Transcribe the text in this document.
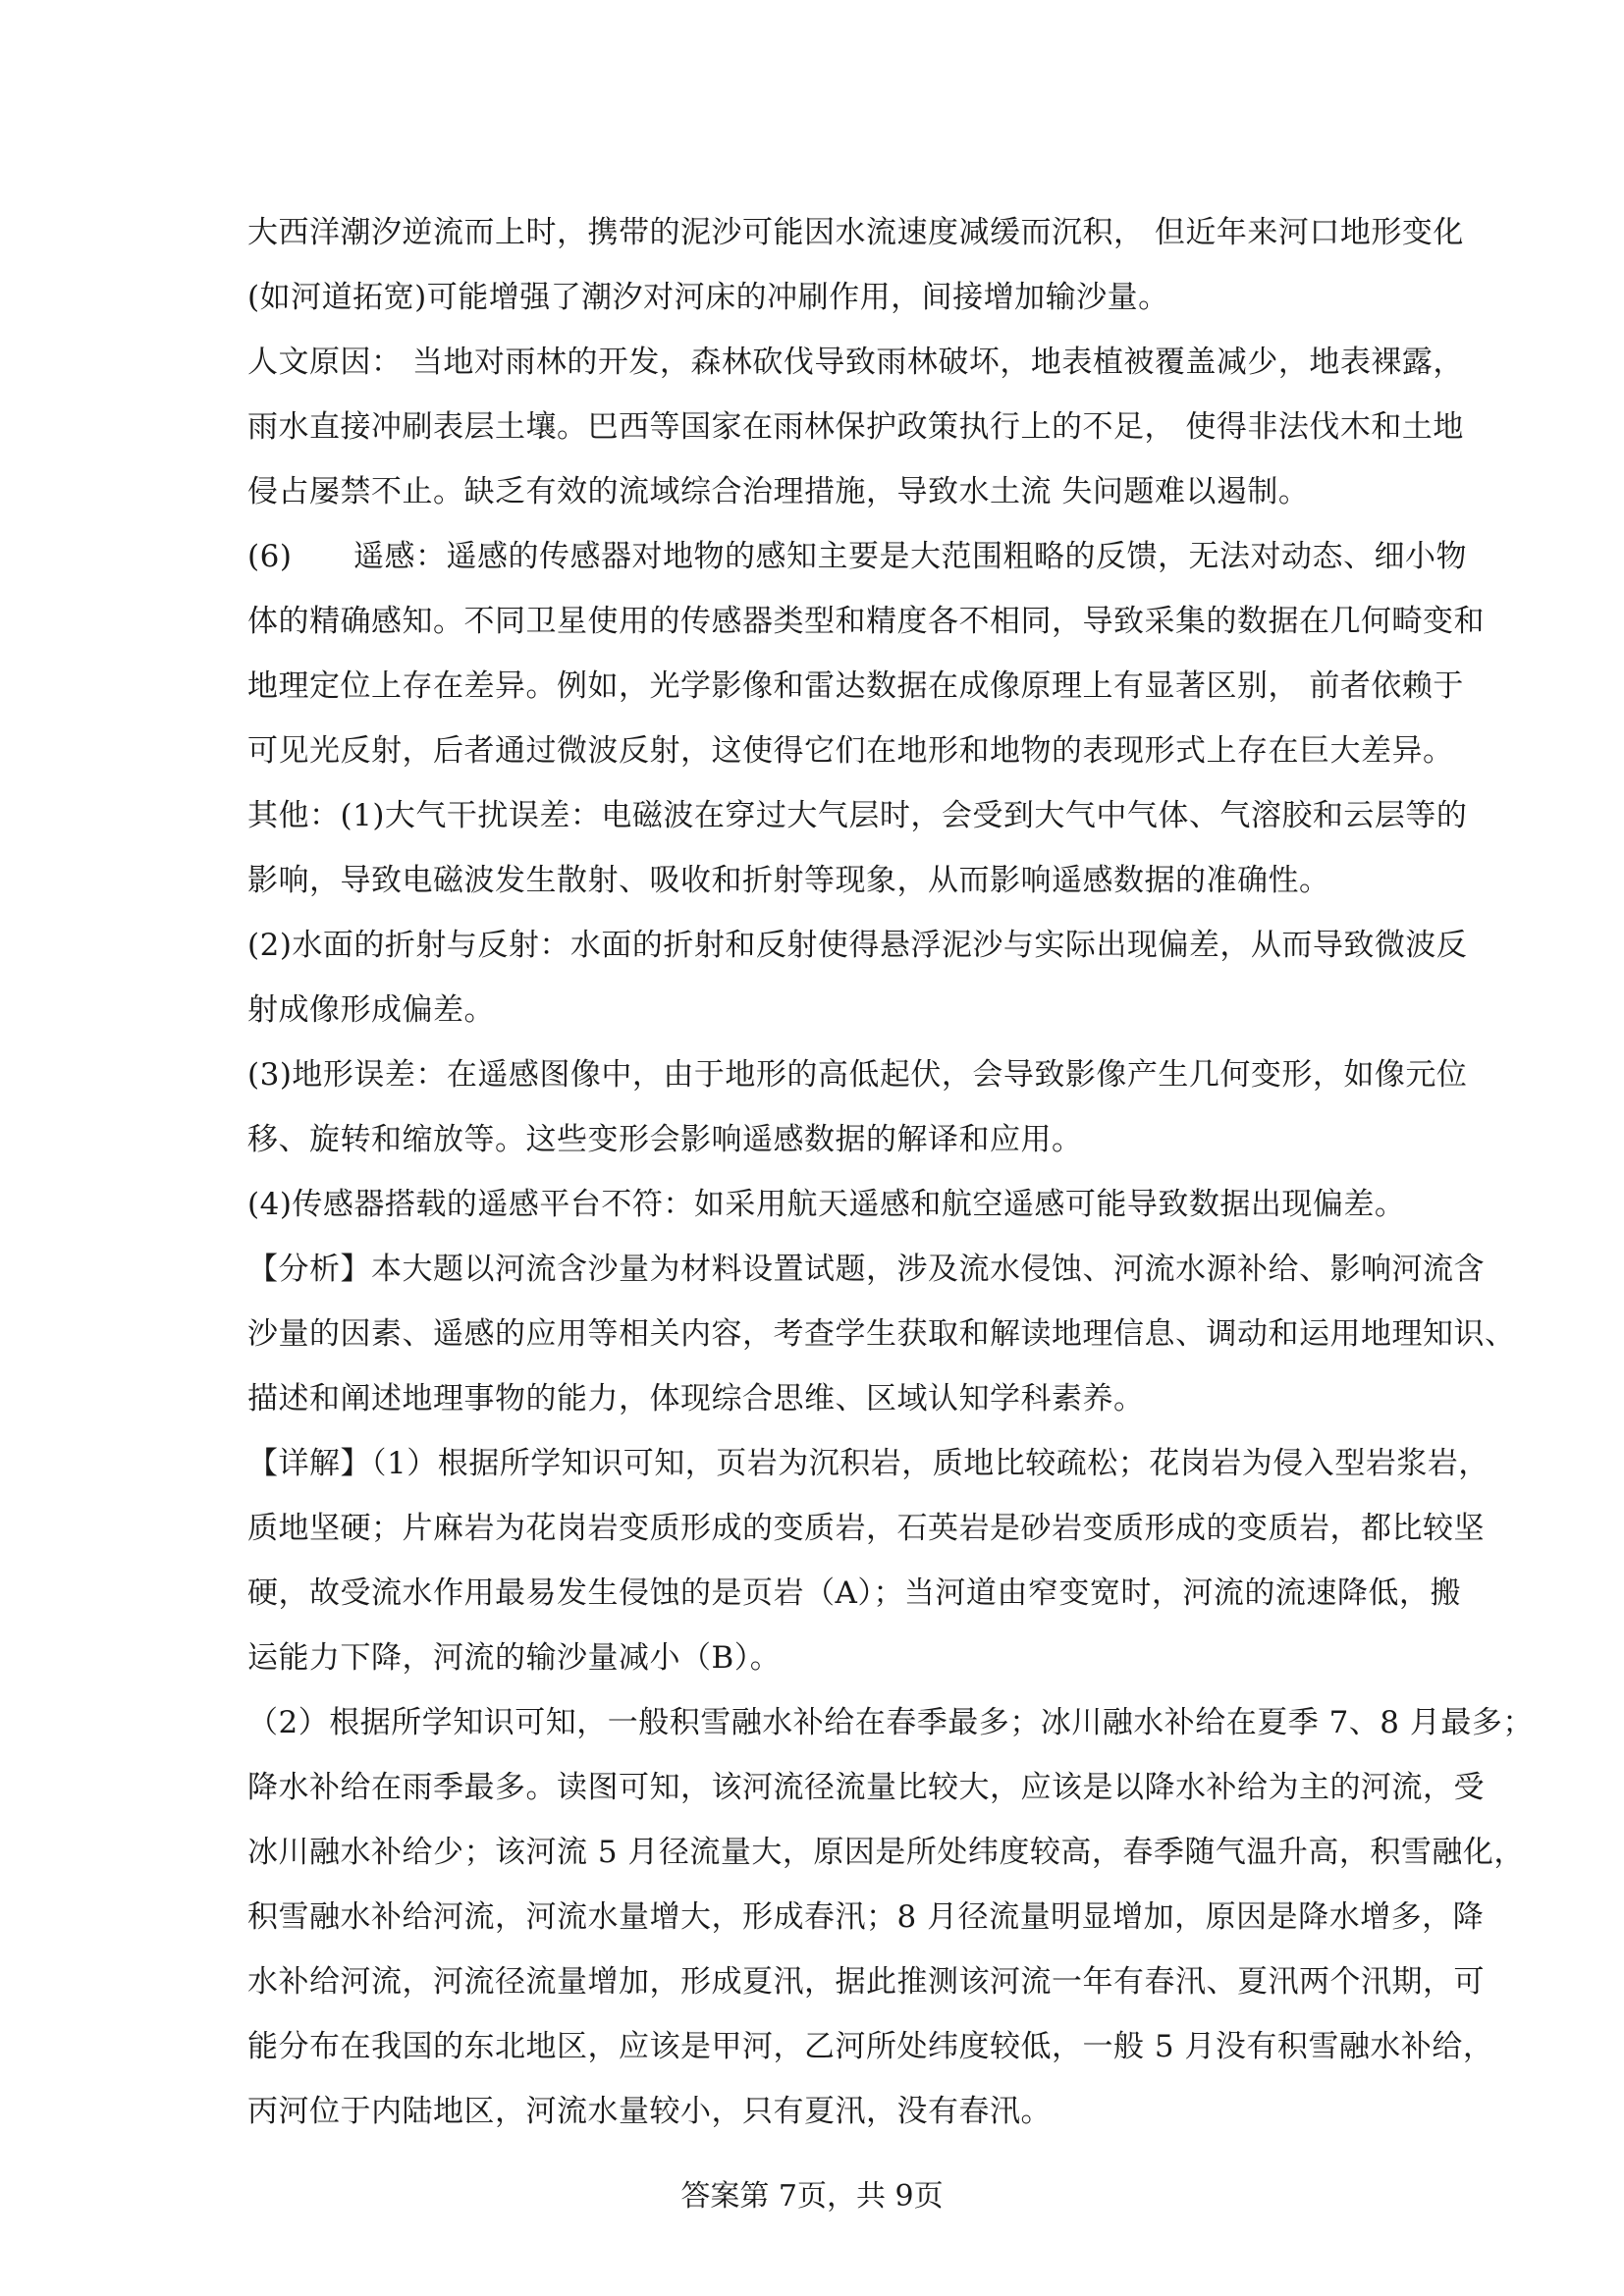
大西洋潮汐逆流而上时，携带的泥沙可能因水流速度减缓而沉积， 但近年来河口地形变化
(如河道拓宽)可能增强了潮汐对河床的冲刷作用，间接增加输沙量。
人文原因： 当地对雨林的开发，森林砍伐导致雨林破坏，地表植被覆盖减少，地表裸露，
雨水直接冲刷表层土壤。巴西等国家在雨林保护政策执行上的不足， 使得非法伐木和土地
侵占屡禁不止。缺乏有效的流域综合治理措施，导致水土流 失问题难以遏制。
(6) 遥感：遥感的传感器对地物的感知主要是大范围粗略的反馈，无法对动态、细小物
体的精确感知。不同卫星使用的传感器类型和精度各不相同，导致采集的数据在几何畸变和
地理定位上存在差异。例如，光学影像和雷达数据在成像原理上有显著区别， 前者依赖于
可见光反射，后者通过微波反射，这使得它们在地形和地物的表现形式上存在巨大差异。
其他：(1)大气干扰误差：电磁波在穿过大气层时，会受到大气中气体、气溶胶和云层等的
影响，导致电磁波发生散射、吸收和折射等现象，从而影响遥感数据的准确性。
(2)水面的折射与反射：水面的折射和反射使得悬浮泥沙与实际出现偏差，从而导致微波反
射成像形成偏差。
(3)地形误差：在遥感图像中，由于地形的高低起伏，会导致影像产生几何变形，如像元位
移、旋转和缩放等。这些变形会影响遥感数据的解译和应用。
(4)传感器搭载的遥感平台不符：如采用航天遥感和航空遥感可能导致数据出现偏差。
【分析】本大题以河流含沙量为材料设置试题，涉及流水侵蚀、河流水源补给、影响河流含
沙量的因素、遥感的应用等相关内容，考查学生获取和解读地理信息、调动和运用地理知识、
描述和阐述地理事物的能力，体现综合思维、区域认知学科素养。
【详解】（1）根据所学知识可知，页岩为沉积岩，质地比较疏松；花岗岩为侵入型岩浆岩，
质地坚硬；片麻岩为花岗岩变质形成的变质岩，石英岩是砂岩变质形成的变质岩，都比较坚
硬，故受流水作用最易发生侵蚀的是页岩（A）；当河道由窄变宽时，河流的流速降低，搬
运能力下降，河流的输沙量减小（B）。
（2）根据所学知识可知，一般积雪融水补给在春季最多；冰川融水补给在夏季 7、8 月最多；
降水补给在雨季最多。读图可知，该河流径流量比较大，应该是以降水补给为主的河流，受
冰川融水补给少；该河流 5 月径流量大，原因是所处纬度较高，春季随气温升高，积雪融化，
积雪融水补给河流，河流水量增大，形成春汛；8 月径流量明显增加，原因是降水增多，降
水补给河流，河流径流量增加，形成夏汛，据此推测该河流一年有春汛、夏汛两个汛期，可
能分布在我国的东北地区，应该是甲河，乙河所处纬度较低，一般 5 月没有积雪融水补给，
丙河位于内陆地区，河流水量较小，只有夏汛，没有春汛。
答案第 7页，共 9页
